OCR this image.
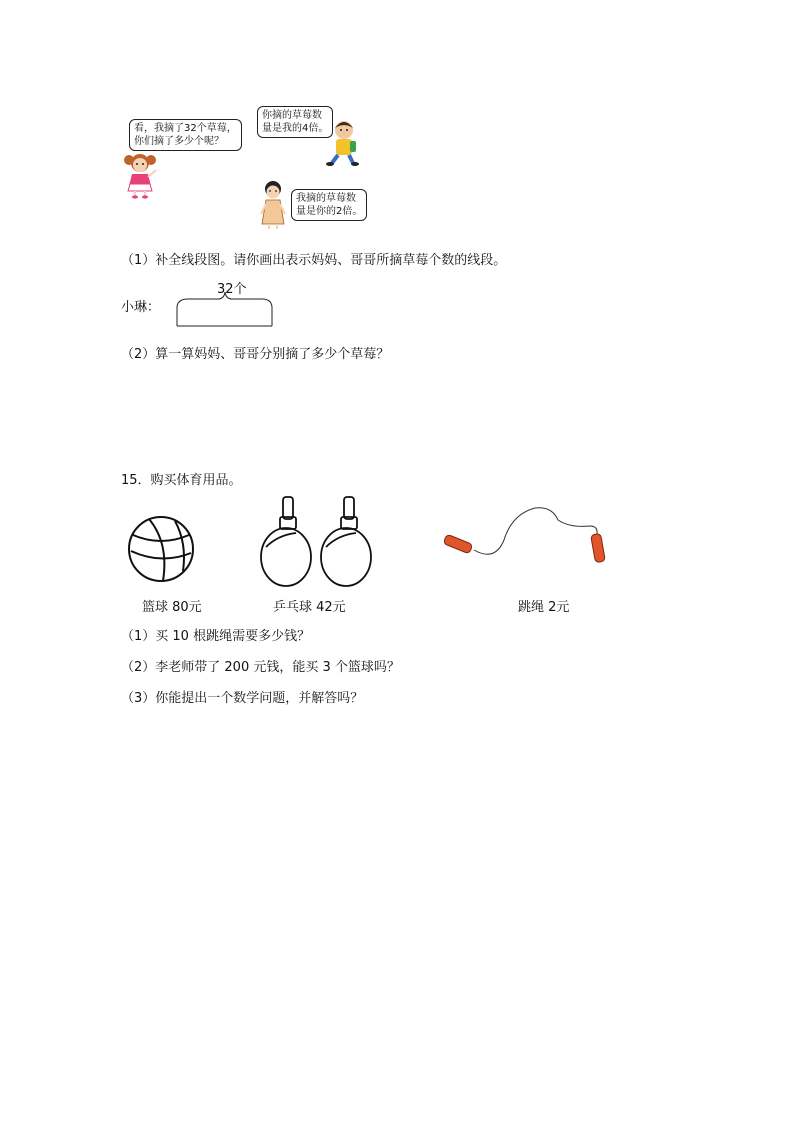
看，我摘了32个草莓，
你们摘了多少个呢？
你摘的草莓数
量是我的4倍。
我摘的草莓数
量是你的2倍。
（1）补全线段图。请你画出表示妈妈、哥哥所摘草莓个数的线段。
小琳：
32个
（2）算一算妈妈、哥哥分别摘了多少个草莓？
15．购买体育用品。
篮球 80元	乒乓球 42元	跳绳 2元
（1）买 10 根跳绳需要多少钱？
（2）李老师带了 200 元钱，能买 3 个篮球吗？
（3）你能提出一个数学问题，并解答吗？
